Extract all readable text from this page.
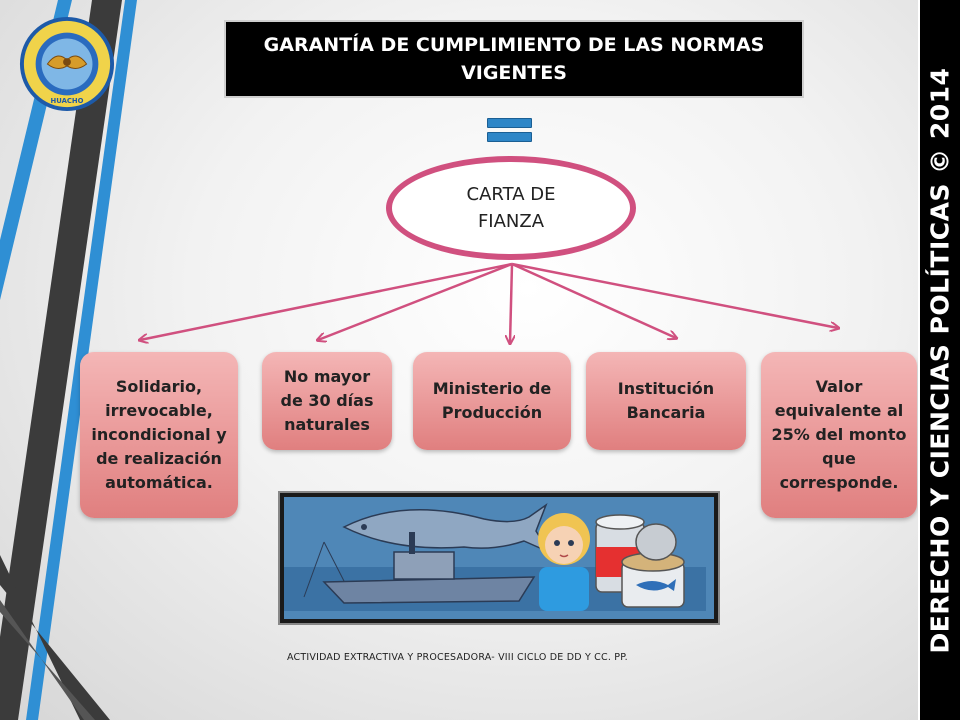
HUACHO
GARANTÍA DE CUMPLIMIENTO DE LAS NORMAS VIGENTES
CARTA DE FIANZA
Solidario, irrevocable, incondicional y de realización automática.
No mayor de 30 días naturales
Ministerio de Producción
Institución Bancaria
Valor equivalente al 25% del monto que corresponde.
ACTIVIDAD EXTRACTIVA Y PROCESADORA- VIII CICLO DE DD Y CC. PP.
DERECHO Y CIENCIAS POLÍTICAS © 2014
